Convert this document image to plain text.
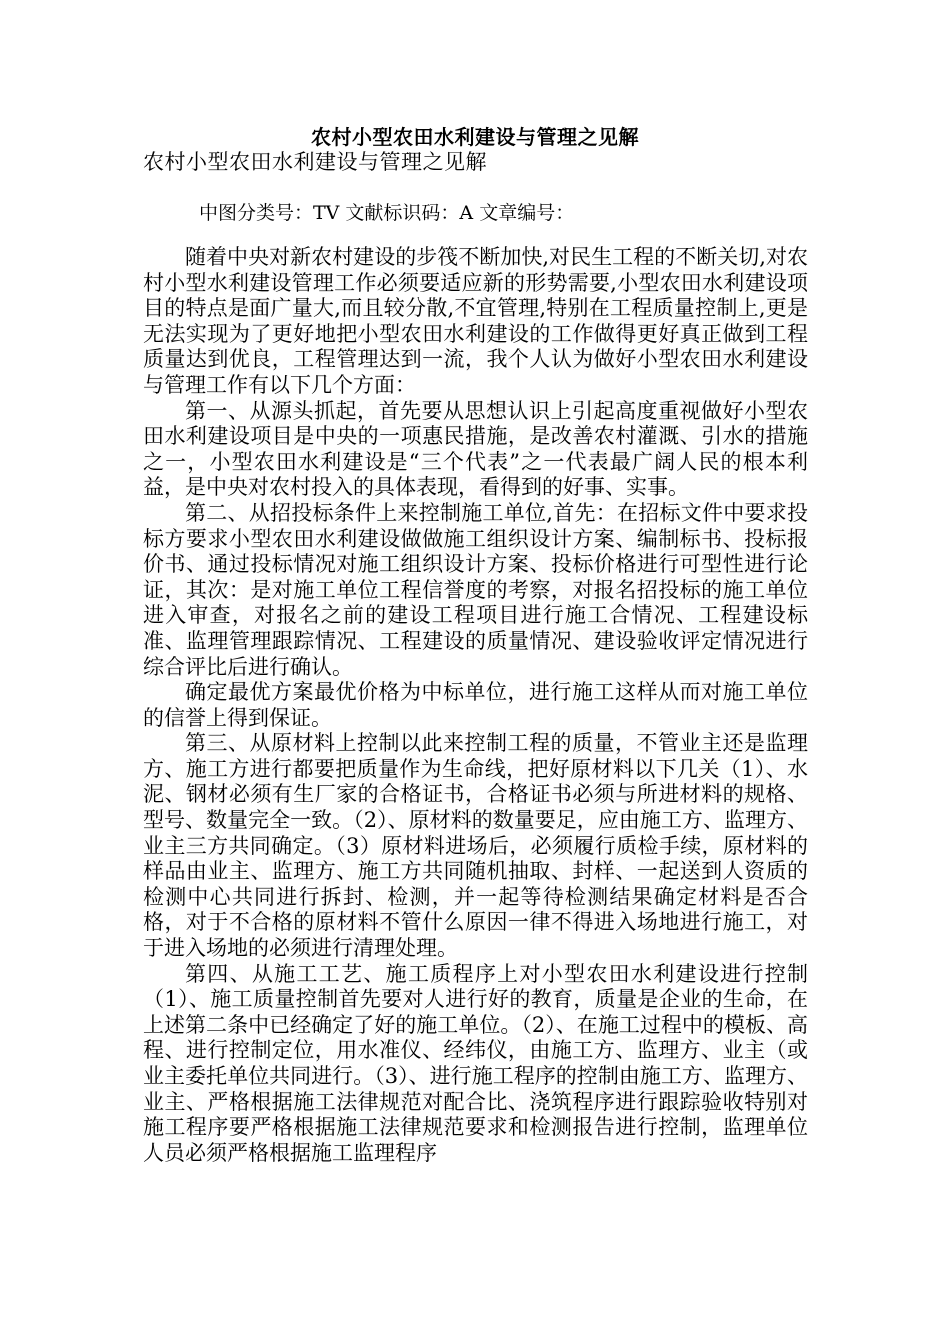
农村小型农田水利建设与管理之见解
农村小型农田水利建设与管理之见解
中图分类号：TV 文献标识码：A 文章编号：

随着中央对新农村建设的步筏不断加快,对民生工程的不断关切,对农村小型水利建设管理工作必须要适应新的形势需要,小型农田水利建设项目的特点是面广量大,而且较分散,不宜管理,特别在工程质量控制上,更是无法实现为了更好地把小型农田水利建设的工作做得更好真正做到工程质量达到优良，工程管理达到一流，我个人认为做好小型农田水利建设与管理工作有以下几个方面：

第一、从源头抓起，首先要从思想认识上引起高度重视做好小型农田水利建设项目是中央的一项惠民措施，是改善农村灌溉、引水的措施之一，小型农田水利建设是“三个代表”之一代表最广阔人民的根本利益，是中央对农村投入的具体表现，看得到的好事、实事。

第二、从招投标条件上来控制施工单位,首先：在招标文件中要求投标方要求小型农田水利建设做做施工组织设计方案、编制标书、投标报价书、通过投标情况对施工组织设计方案、投标价格进行可型性进行论证，其次：是对施工单位工程信誉度的考察，对报名招投标的施工单位进入审查，对报名之前的建设工程项目进行施工合情况、工程建设标准、监理管理跟踪情况、工程建设的质量情况、建设验收评定情况进行综合评比后进行确认。

确定最优方案最优价格为中标单位，进行施工这样从而对施工单位的信誉上得到保证。

第三、从原材料上控制以此来控制工程的质量，不管业主还是监理方、施工方进行都要把质量作为生命线，把好原材料以下几关（1）、水泥、钢材必须有生厂家的合格证书，合格证书必须与所进材料的规格、型号、数量完全一致。（2）、原材料的数量要足，应由施工方、监理方、业主三方共同确定。（3）原材料进场后，必须履行质检手续，原材料的样品由业主、监理方、施工方共同随机抽取、封样、一起送到人资质的检测中心共同进行拆封、检测，并一起等待检测结果确定材料是否合格，对于不合格的原材料不管什么原因一律不得进入场地进行施工，对于进入场地的必须进行清理处理。

第四、从施工工艺、施工质程序上对小型农田水利建设进行控制（1）、施工质量控制首先要对人进行好的教育，质量是企业的生命，在上述第二条中已经确定了好的施工单位。（2）、在施工过程中的模板、高程、进行控制定位，用水准仪、经纬仪，由施工方、监理方、业主（或业主委托单位共同进行。（3）、进行施工程序的控制由施工方、监理方、业主、严格根据施工法律规范对配合比、浇筑程序进行跟踪验收特别对施工程序要严格根据施工法律规范要求和检测报告进行控制，监理单位人员必须严格根据施工监理程序
